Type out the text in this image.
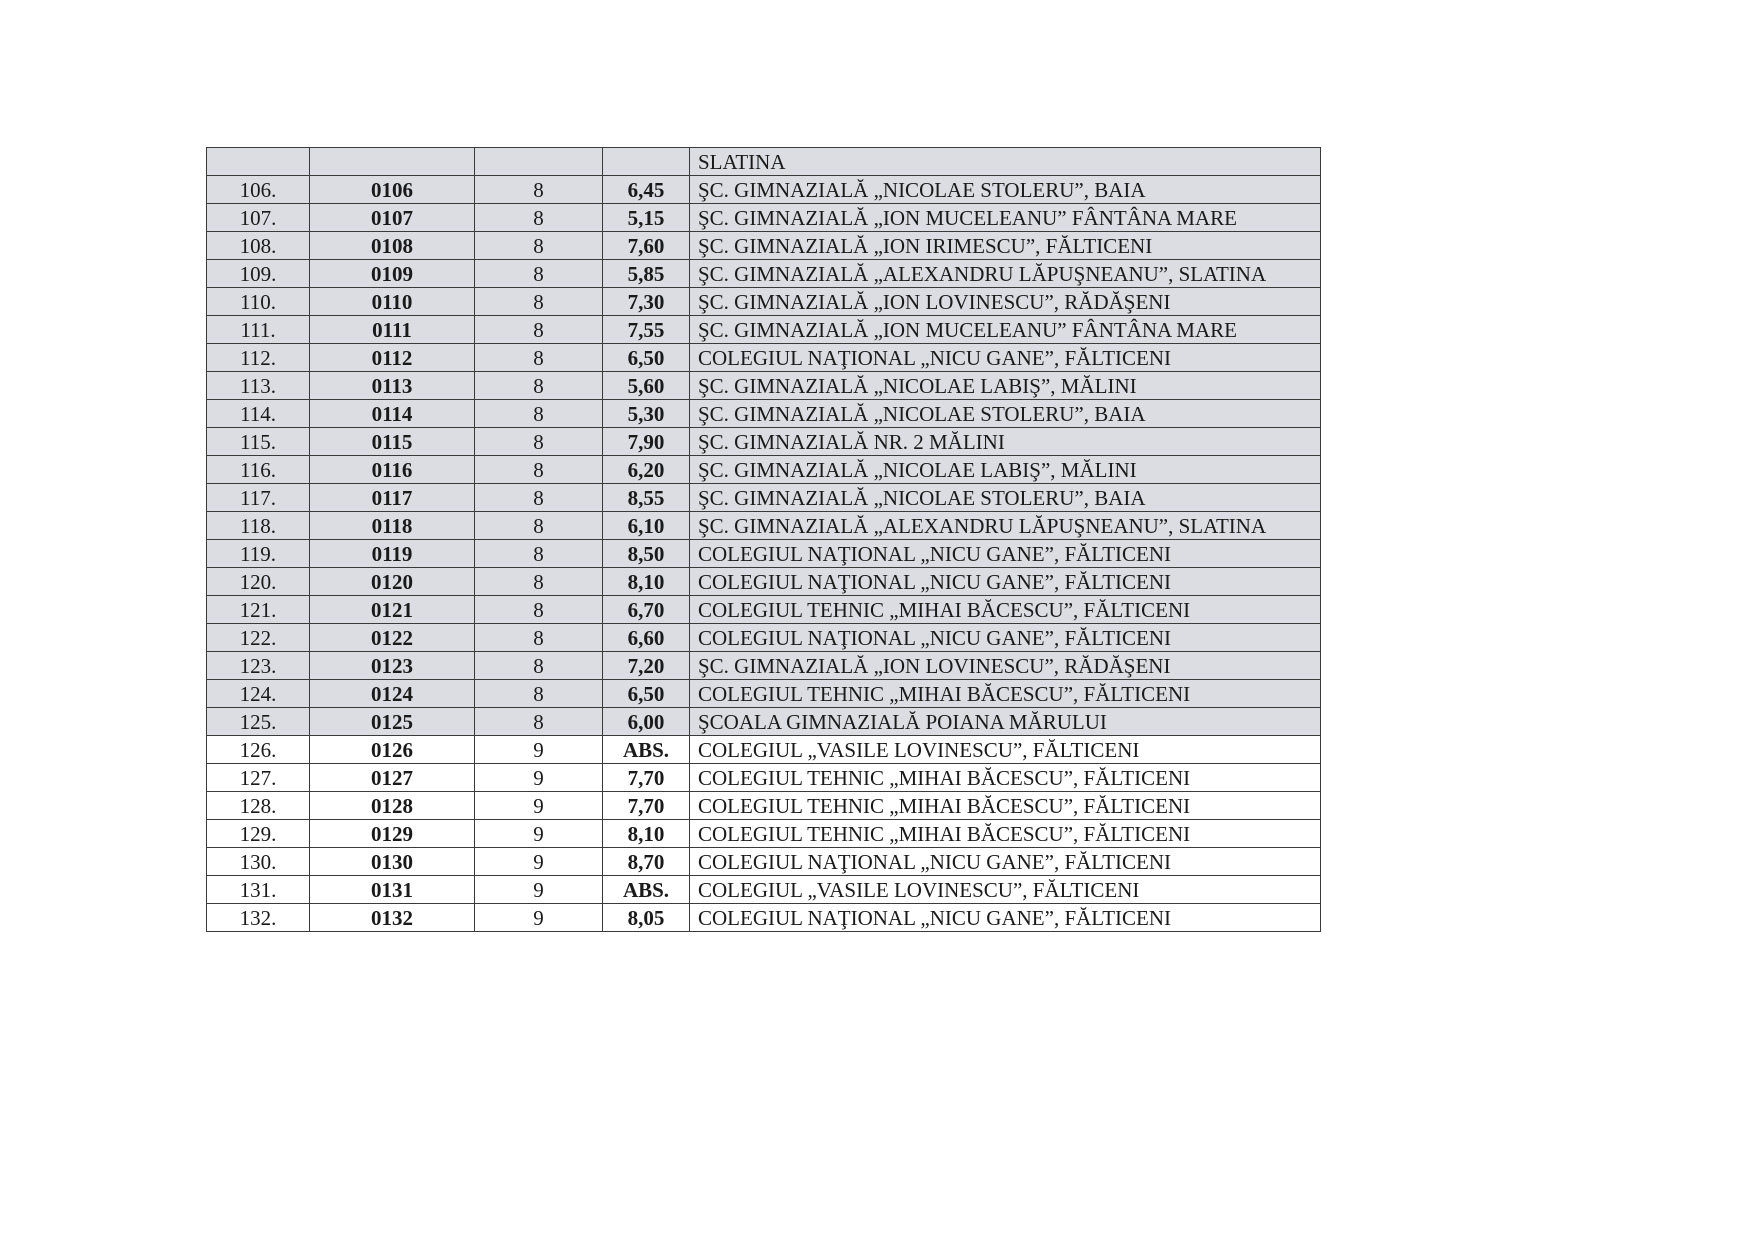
				SLATINA
106.	0106	8	6,45	ŞC. GIMNAZIALĂ „NICOLAE STOLERU”, BAIA
107.	0107	8	5,15	ŞC. GIMNAZIALĂ „ION MUCELEANU” FÂNTÂNA MARE
108.	0108	8	7,60	ŞC. GIMNAZIALĂ „ION IRIMESCU”, FĂLTICENI
109.	0109	8	5,85	ŞC. GIMNAZIALĂ „ALEXANDRU LĂPUŞNEANU”, SLATINA
110.	0110	8	7,30	ŞC. GIMNAZIALĂ „ION LOVINESCU”, RĂDĂŞENI
111.	0111	8	7,55	ŞC. GIMNAZIALĂ „ION MUCELEANU” FÂNTÂNA MARE
112.	0112	8	6,50	COLEGIUL NAŢIONAL „NICU GANE”, FĂLTICENI
113.	0113	8	5,60	ŞC. GIMNAZIALĂ „NICOLAE LABIŞ”, MĂLINI
114.	0114	8	5,30	ŞC. GIMNAZIALĂ „NICOLAE STOLERU”, BAIA
115.	0115	8	7,90	ŞC. GIMNAZIALĂ NR. 2 MĂLINI
116.	0116	8	6,20	ŞC. GIMNAZIALĂ „NICOLAE LABIŞ”, MĂLINI
117.	0117	8	8,55	ŞC. GIMNAZIALĂ „NICOLAE STOLERU”, BAIA
118.	0118	8	6,10	ŞC. GIMNAZIALĂ „ALEXANDRU LĂPUŞNEANU”, SLATINA
119.	0119	8	8,50	COLEGIUL NAŢIONAL „NICU GANE”, FĂLTICENI
120.	0120	8	8,10	COLEGIUL NAŢIONAL „NICU GANE”, FĂLTICENI
121.	0121	8	6,70	COLEGIUL TEHNIC „MIHAI BĂCESCU”, FĂLTICENI
122.	0122	8	6,60	COLEGIUL NAŢIONAL „NICU GANE”, FĂLTICENI
123.	0123	8	7,20	ŞC. GIMNAZIALĂ „ION LOVINESCU”, RĂDĂŞENI
124.	0124	8	6,50	COLEGIUL TEHNIC „MIHAI BĂCESCU”, FĂLTICENI
125.	0125	8	6,00	ŞCOALA GIMNAZIALĂ POIANA MĂRULUI
126.	0126	9	ABS.	COLEGIUL „VASILE LOVINESCU”, FĂLTICENI
127.	0127	9	7,70	COLEGIUL TEHNIC „MIHAI BĂCESCU”, FĂLTICENI
128.	0128	9	7,70	COLEGIUL TEHNIC „MIHAI BĂCESCU”, FĂLTICENI
129.	0129	9	8,10	COLEGIUL TEHNIC „MIHAI BĂCESCU”, FĂLTICENI
130.	0130	9	8,70	COLEGIUL NAŢIONAL „NICU GANE”, FĂLTICENI
131.	0131	9	ABS.	COLEGIUL „VASILE LOVINESCU”, FĂLTICENI
132.	0132	9	8,05	COLEGIUL NAŢIONAL „NICU GANE”, FĂLTICENI
